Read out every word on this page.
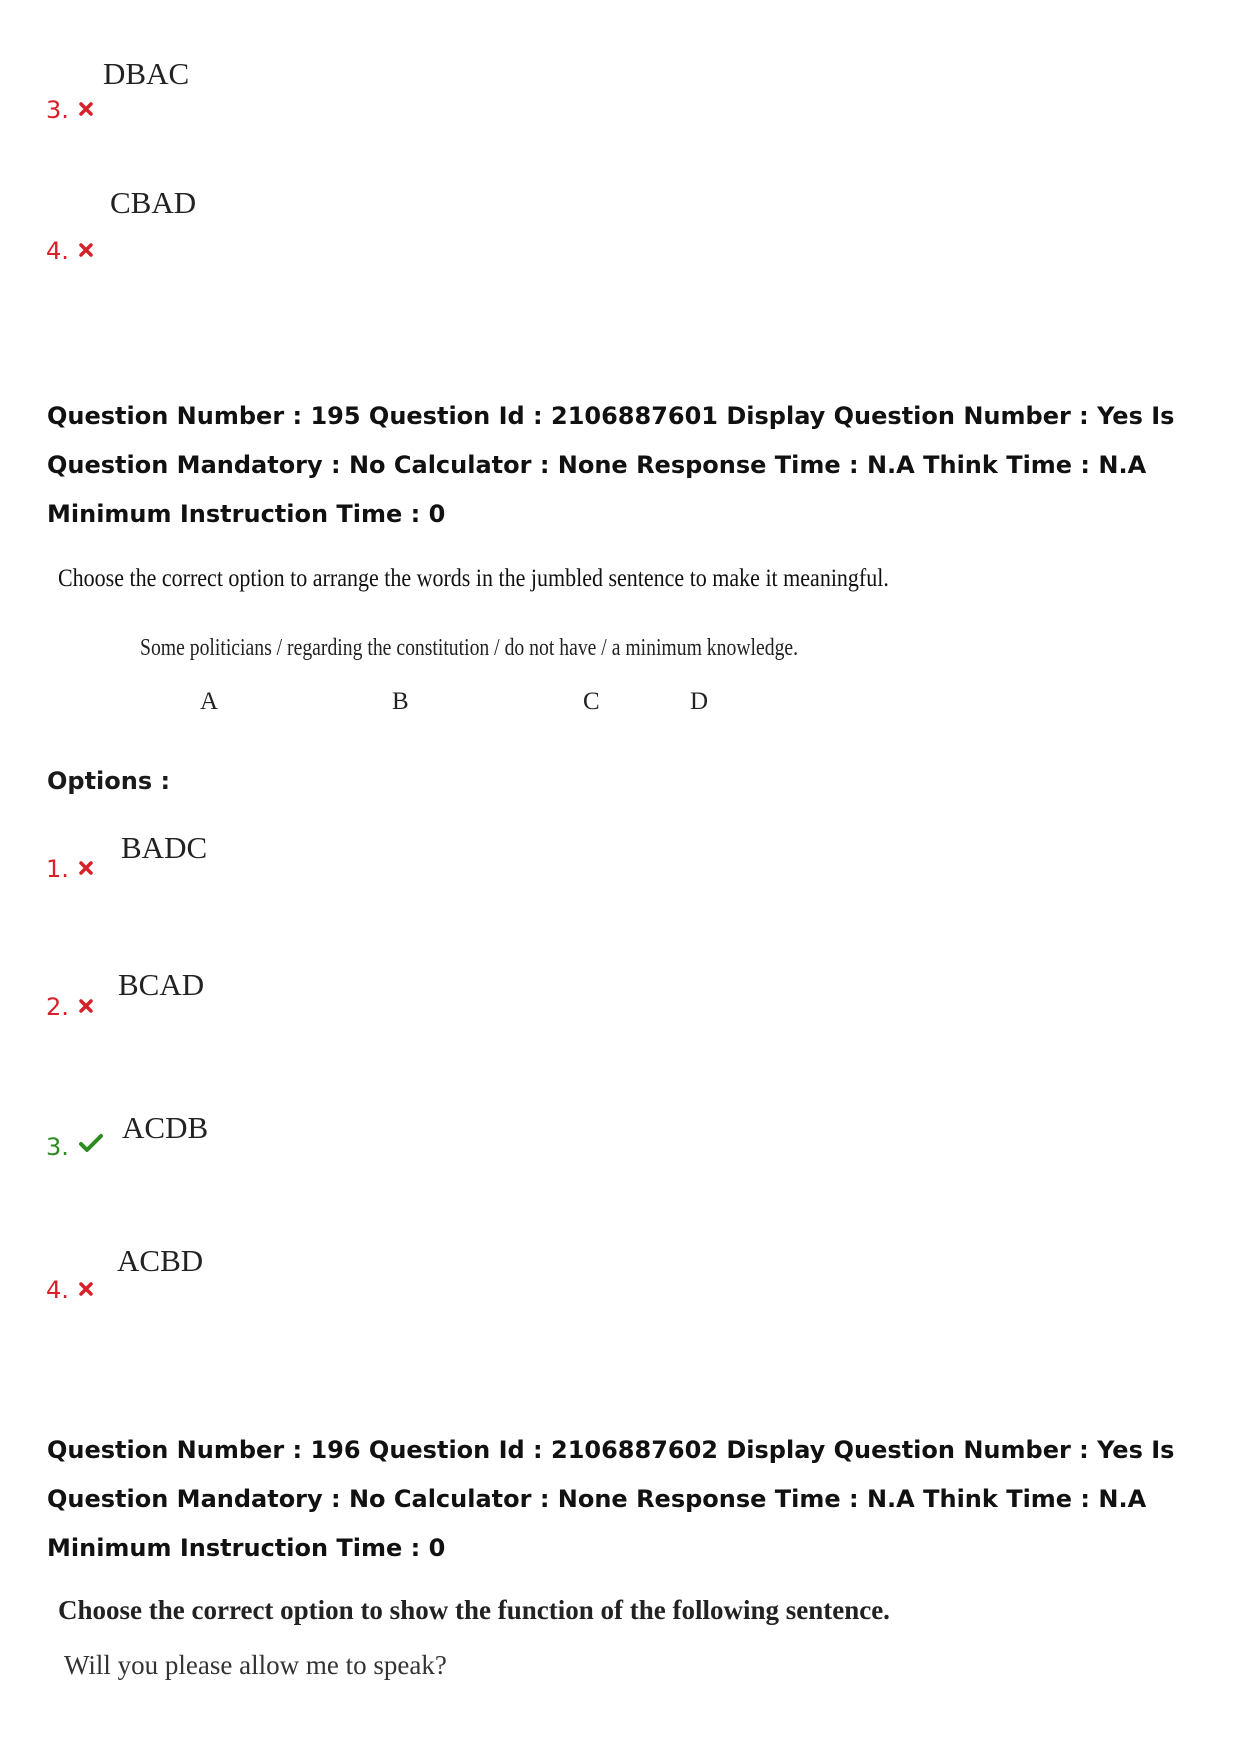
DBAC
3.
CBAD
4.
Question Number : 195 Question Id : 2106887601 Display Question Number : Yes Is Question Mandatory : No Calculator : None Response Time : N.A Think Time : N.A Minimum Instruction Time : 0
Choose the correct option to arrange the words in the jumbled sentence to make it meaningful.
Some politicians / regarding the constitution / do not have / a minimum knowledge.
A	B	C	D
Options :
BADC
1.
BCAD
2.
ACDB
3.
ACBD
4.
Question Number : 196 Question Id : 2106887602 Display Question Number : Yes Is Question Mandatory : No Calculator : None Response Time : N.A Think Time : N.A Minimum Instruction Time : 0
Choose the correct option to show the function of the following sentence.
Will you please allow me to speak?
